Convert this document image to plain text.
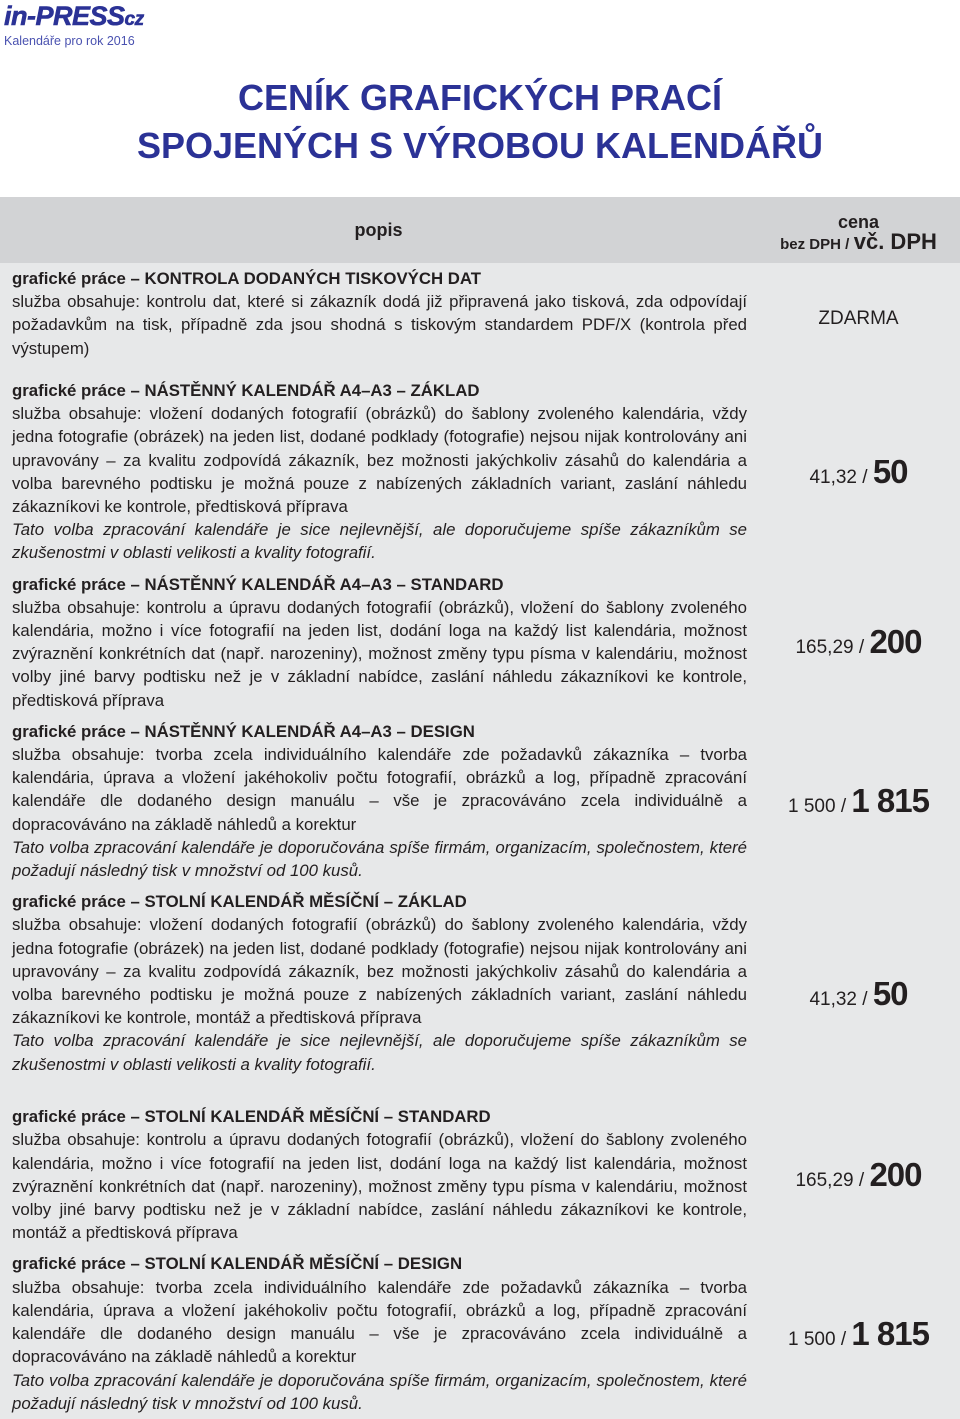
in-PRESScz
Kalendáře pro rok 2016
CENÍK GRAFICKÝCH PRACÍ
SPOJENÝCH S VÝROBOU KALENDÁŘŮ
popis	cena
bez DPH / vč. DPH

grafické práce – KONTROLA DODANÝCH TISKOVÝCH DAT
služba obsahuje: kontrolu dat, které si zákazník dodá již připravená jako tisková, zda odpovídají požadavkům na tisk, případně zda jsou shodná s tiskovým standardem PDF/X (kontrola před výstupem)	ZDARMA

grafické práce – NÁSTĚNNÝ KALENDÁŘ A4–A3 – ZÁKLAD
služba obsahuje: vložení dodaných fotografií (obrázků) do šablony zvoleného kalendária, vždy jedna fotografie (obrázek) na jeden list, dodané podklady (fotografie) nejsou nijak kontrolovány ani upravovány – za kvalitu zodpovídá zákazník, bez možnosti jakýchkoliv zásahů do kalendária a volba barevného podtisku je možná pouze z nabízených základních variant, zaslání náhledu zákazníkovi ke kontrole, předtisková příprava
Tato volba zpracování kalendáře je sice nejlevnější, ale doporučujeme spíše zákazníkům se zkušenostmi v oblasti velikosti a kvality fotografií.	41,32 / 50

grafické práce – NÁSTĚNNÝ KALENDÁŘ A4–A3 – STANDARD
služba obsahuje: kontrolu a úpravu dodaných fotografií (obrázků), vložení do šablony zvoleného kalendária, možno i více fotografií na jeden list, dodání loga na každý list kalendária, možnost zvýraznění konkrétních dat (např. narozeniny), možnost změny typu písma v kalendáriu, možnost volby jiné barvy podtisku než je v základní nabídce, zaslání náhledu zákazníkovi ke kontrole, předtisková příprava	165,29 / 200

grafické práce – NÁSTĚNNÝ KALENDÁŘ A4–A3 – DESIGN
služba obsahuje: tvorba zcela individuálního kalendáře zde požadavků zákazníka – tvorba kalendária, úprava a vložení jakéhokoliv počtu fotografií, obrázků a log, případně zpracování kalendáře dle dodaného design manuálu – vše je zpracováváno zcela individuálně a dopracováváno na základě náhledů a korektur
Tato volba zpracování kalendáře je doporučována spíše firmám, organizacím, společnostem, které požadují následný tisk v množství od 100 kusů.	1 500 / 1 815

grafické práce – STOLNÍ KALENDÁŘ MĚSÍČNÍ – ZÁKLAD
služba obsahuje: vložení dodaných fotografií (obrázků) do šablony zvoleného kalendária, vždy jedna fotografie (obrázek) na jeden list, dodané podklady (fotografie) nejsou nijak kontrolovány ani upravovány – za kvalitu zodpovídá zákazník, bez možnosti jakýchkoliv zásahů do kalendária a volba barevného podtisku je možná pouze z nabízených základních variant, zaslání náhledu zákazníkovi ke kontrole, montáž a předtisková příprava
Tato volba zpracování kalendáře je sice nejlevnější, ale doporučujeme spíše zákazníkům se zkušenostmi v oblasti velikosti a kvality fotografií.	41,32 / 50

grafické práce – STOLNÍ KALENDÁŘ MĚSÍČNÍ – STANDARD
služba obsahuje: kontrolu a úpravu dodaných fotografií (obrázků), vložení do šablony zvoleného kalendária, možno i více fotografií na jeden list, dodání loga na každý list kalendária, možnost zvýraznění konkrétních dat (např. narozeniny), možnost změny typu písma v kalendáriu, možnost volby jiné barvy podtisku než je v základní nabídce, zaslání náhledu zákazníkovi ke kontrole, montáž a předtisková příprava	165,29 / 200

grafické práce – STOLNÍ KALENDÁŘ MĚSÍČNÍ – DESIGN
služba obsahuje: tvorba zcela individuálního kalendáře zde požadavků zákazníka – tvorba kalendária, úprava a vložení jakéhokoliv počtu fotografií, obrázků a log, případně zpracování kalendáře dle dodaného design manuálu – vše je zpracováváno zcela individuálně a dopracováváno na základě náhledů a korektur
Tato volba zpracování kalendáře je doporučována spíše firmám, organizacím, společnostem, které požadují následný tisk v množství od 100 kusů.	1 500 / 1 815
